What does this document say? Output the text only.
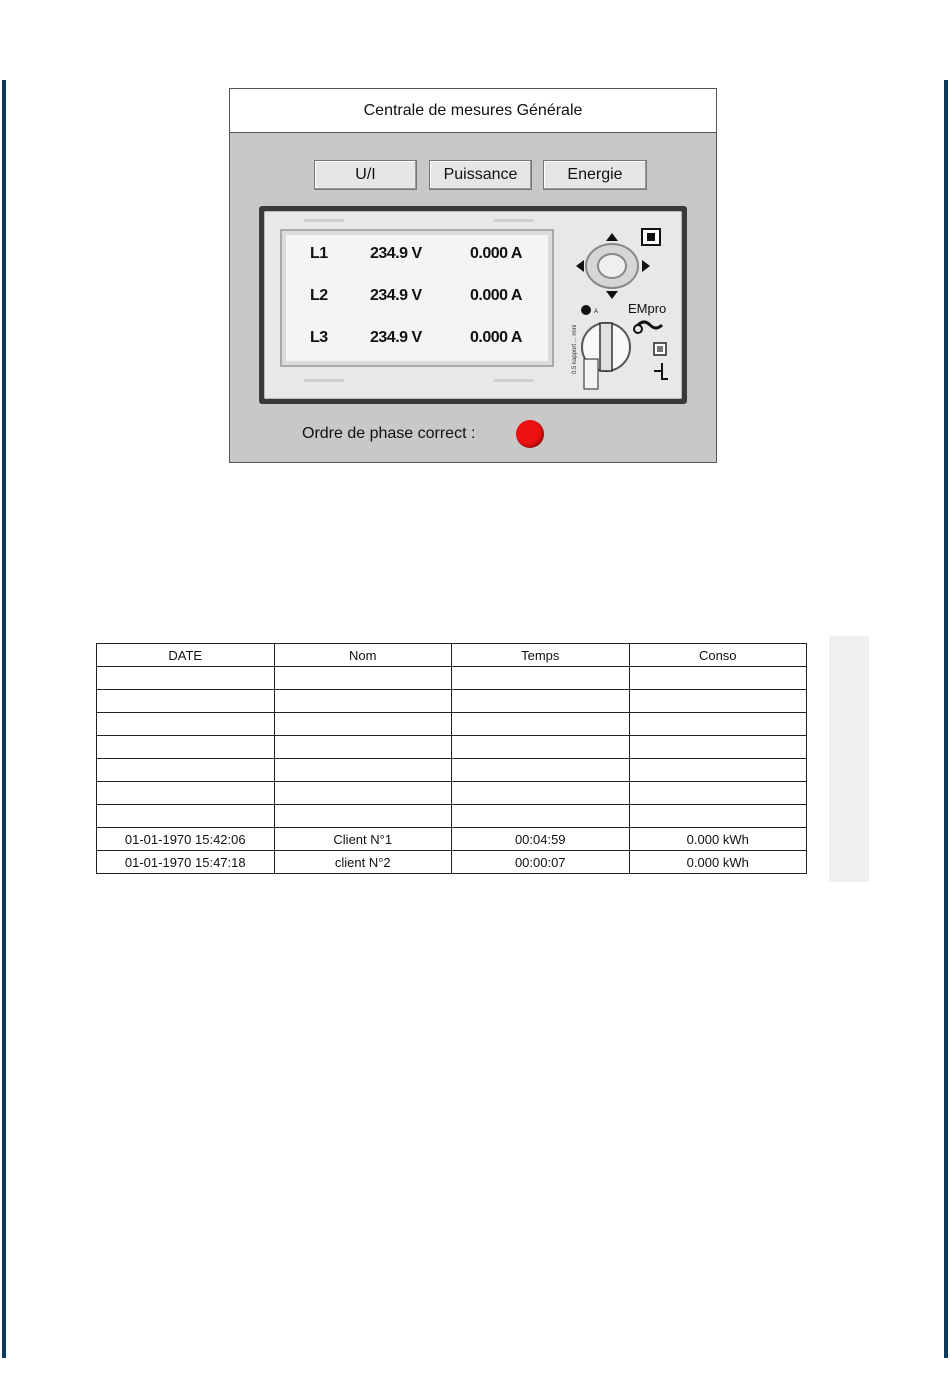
Centrale de mesures Générale
U/I	Puissance	Energie
L1	234.9 V	0.000 A
L2	234.9 V	0.000 A
L3	234.9 V	0.000 A
A EMpro
0.5 kapport ... mini
Ordre de phase correct :
DATE	Nom	Temps	Conso

01-01-1970 15:42:06	Client N°1	00:04:59	0.000 kWh
01-01-1970 15:47:18	client N°2	00:00:07	0.000 kWh
